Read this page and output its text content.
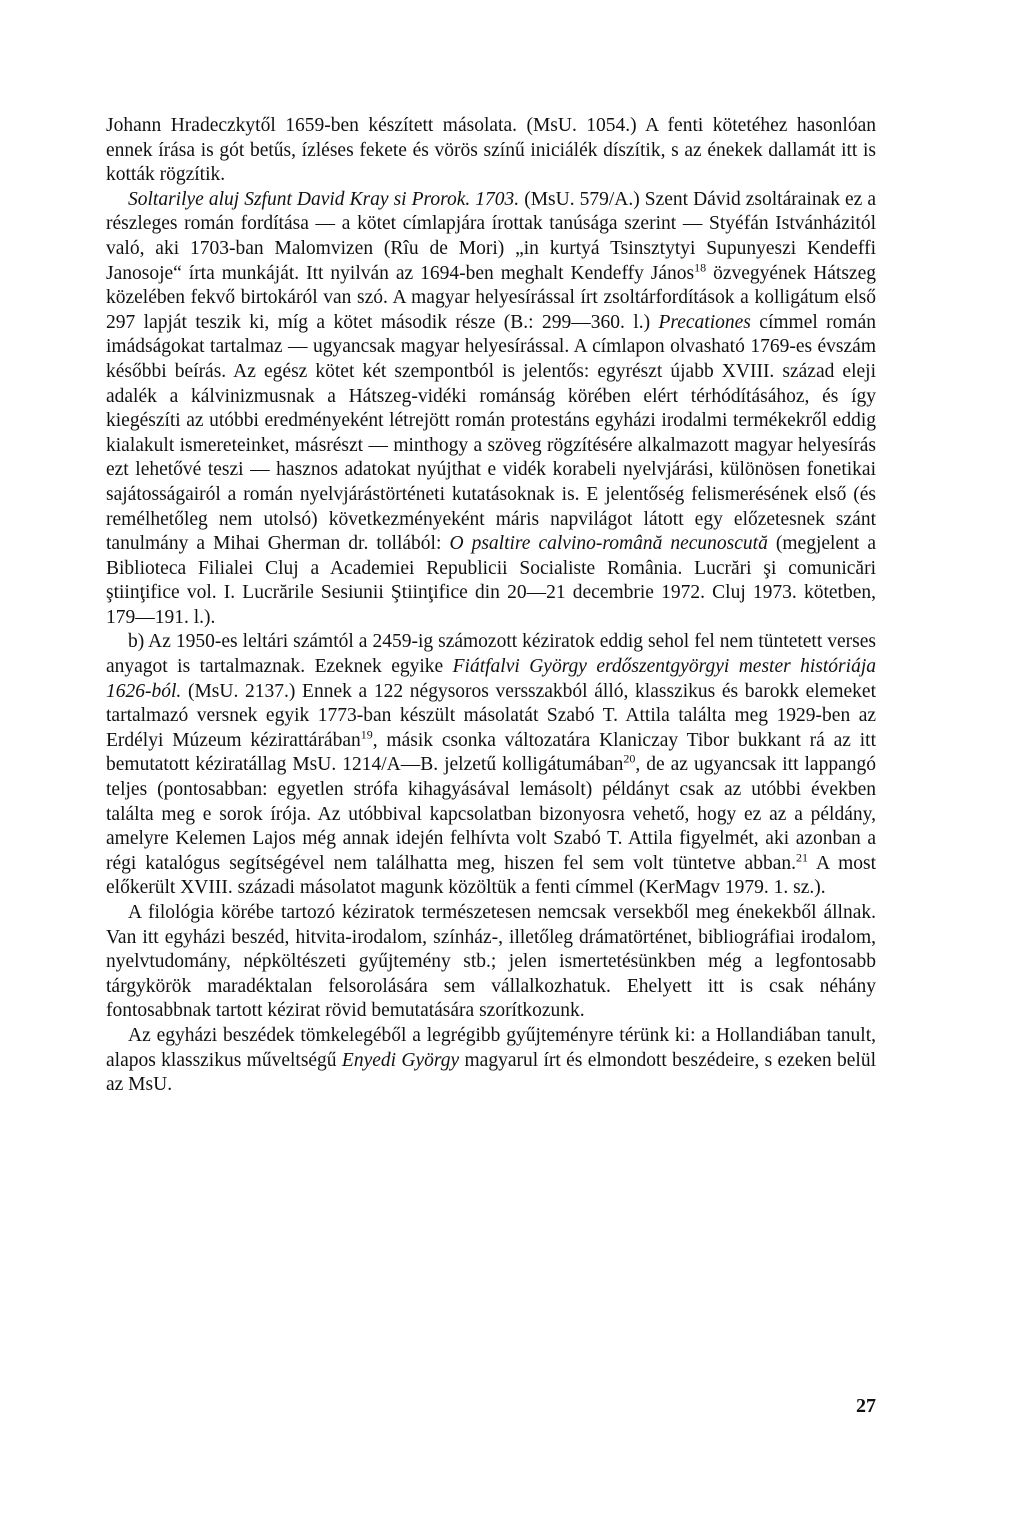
Johann Hradeczkytől 1659-ben készített másolata. (MsU. 1054.) A fenti kötetéhez hasonlóan ennek írása is gót betűs, ízléses fekete és vörös színű iniciálék díszítik, s az énekek dallamát itt is kották rögzítik.

Soltarilye aluj Szfunt David Kray si Prorok. 1703. (MsU. 579/A.) Szent Dávid zsoltárainak ez a részleges román fordítása — a kötet címlapjára írottak tanúsága szerint — Styéfán Istvánházitól való, aki 1703-ban Malomvizen (Rîu de Mori) „in kurtyá Tsinsztytyi Supunyeszi Kendeffi Janosoje“ írta munkáját. Itt nyilván az 1694-ben meghalt Kendeffy János$^{18}$ özvegyének Hátszeg közelében fekvő birtokáról van szó. A magyar helyesírással írt zsoltárfordítások a kolligátum első 297 lapját teszik ki, míg a kötet második része (B.: 299—360. l.) Precationes címmel román imádságokat tartalmaz — ugyancsak magyar helyesírással. A címlapon olvasható 1769-es évszám későbbi beírás. Az egész kötet két szempontból is jelentős: egyrészt újabb XVIII. század eleji adalék a kálvinizmusnak a Hátszeg-vidéki románság körében elért térhódításához, és így kiegészíti az utóbbi eredményeként létrejött román protestáns egyházi irodalmi termékekről eddig kialakult ismereteinket, másrészt — minthogy a szöveg rögzítésére alkalmazott magyar helyesírás ezt lehetővé teszi — hasznos adatokat nyújthat e vidék korabeli nyelvjárási, különösen fonetikai sajátosságairól a román nyelvjárástörténeti kutatásoknak is. E jelentőség felismerésének első (és remélhetőleg nem utolsó) következményeként máris napvilágot látott egy előzetesnek szánt tanulmány a Mihai Gherman dr. tollából: O psaltire calvino-română necunoscută (megjelent a Biblioteca Filialei Cluj a Academiei Republicii Socialiste România. Lucrări şi comunicări ştiinţifice vol. I. Lucrările Sesiunii Ştiinţifice din 20—21 decembrie 1972. Cluj 1973. kötetben, 179—191. l.).

b) Az 1950-es leltári számtól a 2459-ig számozott kéziratok eddig sehol fel nem tüntetett verses anyagot is tartalmaznak. Ezeknek egyike Fiátfalvi György erdőszentgyörgyi mester históriája 1626-ból. (MsU. 2137.) Ennek a 122 négysoros versszakból álló, klasszikus és barokk elemeket tartalmazó versnek egyik 1773-ban készült másolatát Szabó T. Attila találta meg 1929-ben az Erdélyi Múzeum kézirattárában$^{19}$, másik csonka változatára Klaniczay Tibor bukkant rá az itt bemutatott kéziratállag MsU. 1214/A—B. jelzetű kolligátumában$^{20}$, de az ugyancsak itt lappangó teljes (pontosabban: egyetlen strófa kihagyásával lemásolt) példányt csak az utóbbi években találta meg e sorok írója. Az utóbbival kapcsolatban bizonyosra vehető, hogy ez az a példány, amelyre Kelemen Lajos még annak idején felhívta volt Szabó T. Attila figyelmét, aki azonban a régi katalógus segítségével nem találhatta meg, hiszen fel sem volt tüntetve abban.$^{21}$ A most előkerült XVIII. századi másolatot magunk közöltük a fenti címmel (KerMagv 1979. 1. sz.).

A filológia körébe tartozó kéziratok természetesen nemcsak versekből meg énekekből állnak. Van itt egyházi beszéd, hitvita-irodalom, színház-, illetőleg drámatörténet, bibliográfiai irodalom, nyelvtudomány, népköltészeti gyűjtemény stb.; jelen ismertetésünkben még a legfontosabb tárgykörök maradéktalan felsorolására sem vállalkozhatuk. Ehelyett itt is csak néhány fontosabbnak tartott kézirat rövid bemutatására szorítkozunk.

Az egyházi beszédek tömkelegéből a legrégibb gyűjteményre térünk ki: a Hollandiában tanult, alapos klasszikus műveltségű Enyedi György magyarul írt és elmondott beszédeire, s ezeken belül az MsU.

27
